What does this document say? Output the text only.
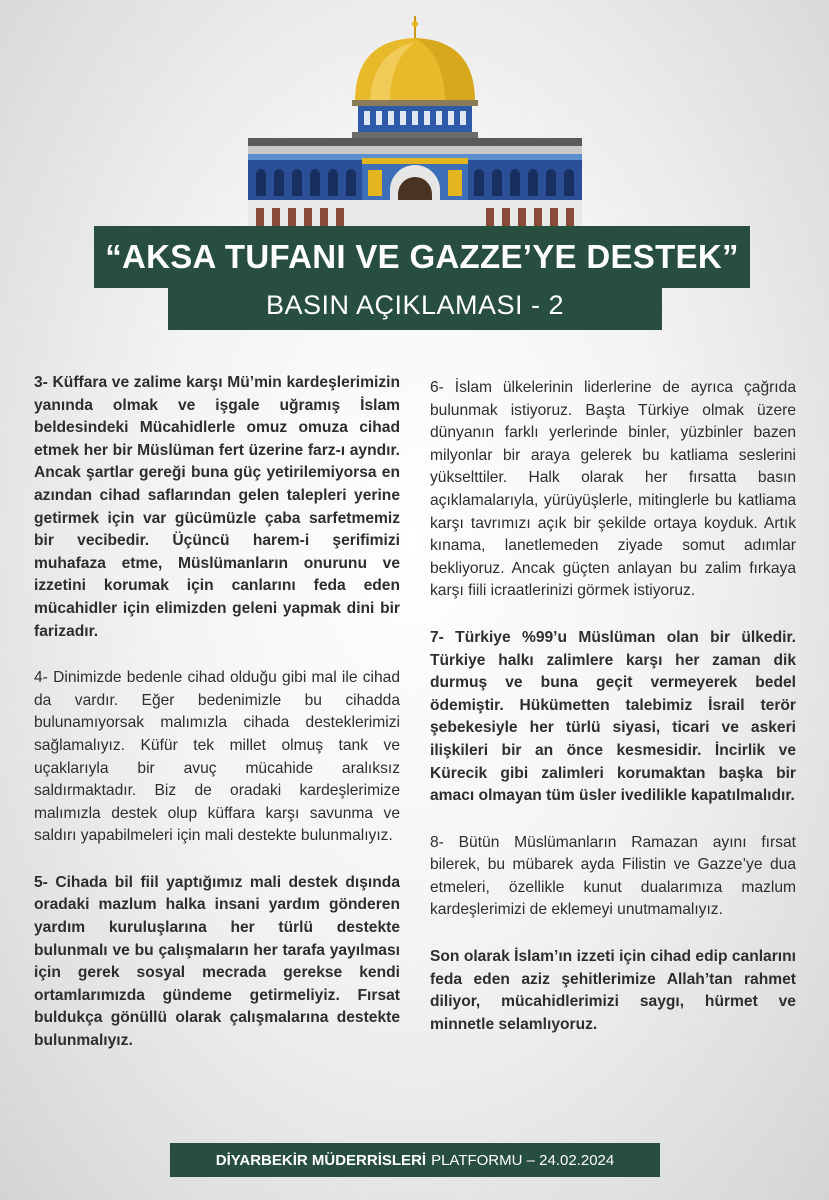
“AKSA TUFANI VE GAZZE’YE DESTEK”
BASIN AÇIKLAMASI - 2

3- Küffara ve zalime karşı Mü’min kardeşlerimizin yanında olmak ve işgale uğramış İslam beldesindeki Mücahidlerle omuz omuza cihad etmek her bir Müslüman fert üzerine farz-ı ayndır. Ancak şartlar gereği buna güç yetirilemiyorsa en azından cihad saflarından gelen talepleri yerine getirmek için var gücümüzle çaba sarfetmemiz bir vecibedir. Üçüncü harem-i şerifimizi muhafaza etme, Müslümanların onurunu ve izzetini korumak için canlarını feda eden mücahidler için elimizden geleni yapmak dini bir farizadır.

4- Dinimizde bedenle cihad olduğu gibi mal ile cihad da vardır. Eğer bedenimizle bu cihadda bulunamıyorsak malımızla cihada desteklerimizi sağlamalıyız. Küfür tek millet olmuş tank ve uçaklarıyla bir avuç mücahide aralıksız saldırmaktadır. Biz de oradaki kardeşlerimize malımızla destek olup küffara karşı savunma ve saldırı yapabilmeleri için mali destekte bulunmalıyız.

5- Cihada bil fiil yaptığımız mali destek dışında oradaki mazlum halka insani yardım gönderen yardım kuruluşlarına her türlü destekte bulunmalı ve bu çalışmaların her tarafa yayılması için gerek sosyal mecrada gerekse kendi ortamlarımızda gündeme getirmeliyiz. Fırsat buldukça gönüllü olarak çalışmalarına destekte bulunmalıyız.

6- İslam ülkelerinin liderlerine de ayrıca çağrıda bulunmak istiyoruz. Başta Türkiye olmak üzere dünyanın farklı yerlerinde binler, yüzbinler bazen milyonlar bir araya gelerek bu katliama seslerini yükselttiler. Halk olarak her fırsatta basın açıklamalarıyla, yürüyüşlerle, mitinglerle bu katliama karşı tavrımızı açık bir şekilde ortaya koyduk. Artık kınama, lanetlemeden ziyade somut adımlar bekliyoruz. Ancak güçten anlayan bu zalim fırkaya karşı fiili icraatlerinizi görmek istiyoruz.

7- Türkiye %99’u Müslüman olan bir ülkedir. Türkiye halkı zalimlere karşı her zaman dik durmuş ve buna geçit vermeyerek bedel ödemiştir. Hükümetten talebimiz İsrail terör şebekesiyle her türlü siyasi, ticari ve askeri ilişkileri bir an önce kesmesidir. İncirlik ve Kürecik gibi zalimleri korumaktan başka bir amacı olmayan tüm üsler ivedilikle kapatılmalıdır.

8- Bütün Müslümanların Ramazan ayını fırsat bilerek, bu mübarek ayda Filistin ve Gazze’ye dua etmeleri, özellikle kunut dualarımıza mazlum kardeşlerimizi de eklemeyi unutmamalıyız.

Son olarak İslam’ın izzeti için cihad edip canlarını feda eden aziz şehitlerimize Allah’tan rahmet diliyor, mücahidlerimizi saygı, hürmet ve minnetle selamlıyoruz.

DİYARBEKİR MÜDERRİSLERİ PLATFORMU – 24.02.2024
